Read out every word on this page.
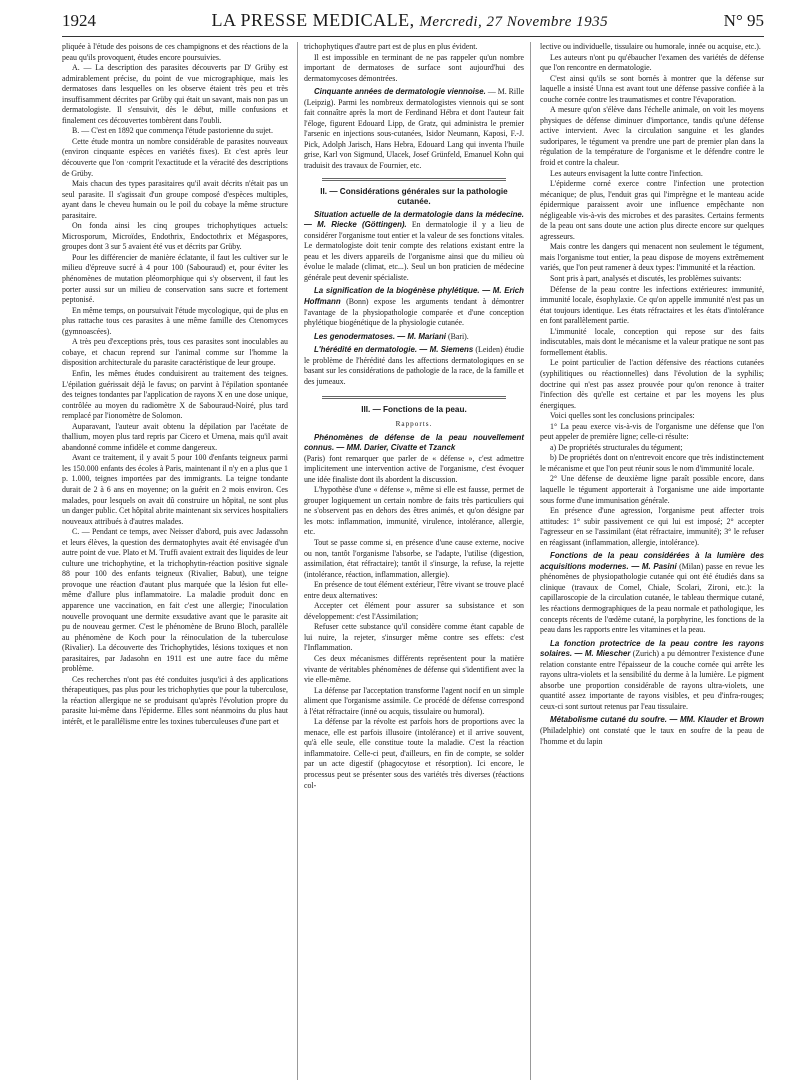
1924	LA PRESSE MEDICALE, Mercredi, 27 Novembre 1935	N° 95

pliquée à l'étude des poisons de ces champignons et des réactions de la peau qu'ils provoquent, études encore poursuivies.

A. — La description des parasites découverts par D' Grüby est admirablement précise, du point de vue micrographique, mais les dermatoses dans lesquelles on les observe étaient très peu et très insuffisamment décrites par Grüby qui était un savant, mais non pas un dermatologiste. Il s'ensuivit, dès le début, mille confusions et finalement ces découvertes tombèrent dans l'oubli.

B. — C'est en 1892 que commença l'étude pastorienne du sujet.

Cette étude montra un nombre considérable de parasites nouveaux (environ cinquante espèces en variétés fixes). Et c'est après leur découverte que l'on ·comprit l'exactitude et la véracité des descriptions de Grüby.

Mais chacun des types parasitaires qu'il avait décrits n'était pas un seul parasite. Il s'agissait d'un groupe composé d'espèces multiples, ayant dans le cheveu humain ou le poil du cobaye la même structure parasitaire.

On fonda ainsi les cinq groupes trichophytiques actuels: Microsporum, Microïdes, Endothrix, Endoctothrix et Mégaspores, groupes dont 3 sur 5 avaient été vus et décrits par Grüby.

Pour les différencier de manière éclatante, il faut les cultiver sur le milieu d'épreuve sucré à 4 pour 100 (Sabouraud) et, pour éviter les phénomènes de mutation pléomorphique qui s'y observent, il faut les porter aussi sur un milieu de conservation sans sucre et fortement peptonisé.

En même temps, on poursuivait l'étude mycologique, qui de plus en plus rattache tous ces parasites à une même famille des Ctenomyces (gymnoascées).

A très peu d'exceptions près, tous ces parasites sont inoculables au cobaye, et chacun reprend sur l'animal comme sur l'homme la disposition architecturale du parasite caractéristique de leur groupe.

Enfin, les mêmes études conduisirent au traitement des teignes. L'épilation guérissait déjà le favus; on parvint à l'épilation spontanée des teignes tondantes par l'application de rayons X en une dose unique, contrôlée au moyen du radiomètre X de Sabouraud-Noiré, plus tard remplacé par l'ionomètre de Solomon.

Auparavant, l'auteur avait obtenu la dépilation par l'acétate de thallium, moyen plus tard repris par Cicero et Urnena, mais qu'il avait abandonné comme infidèle et comme dangereux.

Avant ce traitement, il y avait 5 pour 100 d'enfants teigneux parmi les 150.000 enfants des écoles à Paris, maintenant il n'y en a plus que 1 p. 1.000, teignes importées par des immigrants. La teigne tondante durait de 2 à 6 ans en moyenne; on la guérit en 2 mois environ. Ces malades, pour lesquels on avait dû construire un hôpital, ne sont plus un danger public. Cet hôpital abrite maintenant six services hospitaliers nouveaux attribués à d'autres malades.

C. — Pendant ce temps, avec Neisser d'abord, puis avec Jadassohn et leurs élèves, la question des dermatophytes avait été envisagée d'un autre point de vue. Plato et M. Truffi avaient extrait des liquides de leur culture une trichophytine, et la trichophytin-réaction positive signale 88 pour 100 des enfants teigneux (Rivalier, Babut), une teigne provoque une réaction d'autant plus marquée que la lésion fut elle-même d'allure plus inflammatoire. La maladie produit donc en apparence une vaccination, en fait c'est une allergie; l'inoculation nouvelle provoquant une dermite exsudative avant que le parasite ait pu de nouveau germer. C'est le phénomène de Bruno Bloch, parallèle au phénomène de Koch pour la réinoculation de la tuberculose (Rivalier). La découverte des Trichophytides, lésions toxiques et non parasitaires, par Jadasohn en 1911 est une autre face du même problème.

Ces recherches n'ont pas été conduites jusqu'ici à des applications thérapeutiques, pas plus pour les trichophyties que pour la tuberculose, la réaction allergique ne se produisant qu'après l'évolution propre du parasite lui-même dans l'épiderme. Elles sont néanmoins du plus haut intérêt, et le parallélisme entre les toxines tuberculeuses d'une part et

trichophytiques d'autre part est de plus en plus évident.

Il est impossible en terminant de ne pas rappeler qu'un nombre important de dermatoses de surface sont aujourd'hui des dermatomycoses démontrées.

Cinquante années de dermatologie viennoise. — M. Rille (Leipzig). Parmi les nombreux dermatologistes viennois qui se sont fait connaître après la mort de Ferdinand Hébra et dont l'auteur fait l'éloge, figurent Edouard Lipp, de Gratz, qui administra le premier l'arsenic en injections sous-cutanées, Isidor Neumann, Kaposi, F.-J. Pick, Adolph Jarisch, Hans Hebra, Edouard Lang qui inventa l'huile grise, Karl von Sigmund, Ulacek, Josef Grünfeld, Emanuel Kohn qui traduisit des travaux de Fournier, etc.

II. — Considérations générales sur la pathologie cutanée.

Situation actuelle de la dermatologie dans la médecine. — M. Riecke (Göttingen). En dermatologie il y a lieu de considérer l'organisme tout entier et la valeur de ses fonctions vitales. Le dermatologiste doit tenir compte des relations existant entre la peau et les divers appareils de l'organisme ainsi que du milieu où évolue le malade (climat, etc...). Seul un bon praticien de médecine générale peut devenir spécialiste.

La signification de la biogénèse phylétique. — M. Erich Hoffmann (Bonn) expose les arguments tendant à démontrer l'avantage de la physiopathologie comparée et d'une conception phylétique biogénétique de la physiologie cutanée.

Les genodermatoses. — M. Mariani (Bari).

L'hérédité en dermatologie. — M. Siemens (Leiden) étudie le problème de l'hérédité dans les affections dermatologiques en se basant sur les considérations de pathologie de la race, de la famille et des jumeaux.

III. — Fonctions de la peau.

Rapports.

Phénomènes de défense de la peau nouvellement connus. — MM. Darier, Civatte et Tzanck

(Paris) font remarquer que parler de « défense », c'est admettre implicitement une intervention active de l'organisme, c'est évoquer une idée finaliste dont ils abordent la discussion.

L'hypothèse d'une « défense », même si elle est fausse, permet de grouper logiquement un certain nombre de faits très particuliers qui ne s'observent pas en dehors des êtres animés, et qu'on désigne par les mots: inflammation, immunité, virulence, intolérance, allergie, etc.

Tout se passe comme si, en présence d'une cause externe, nocive ou non, tantôt l'organisme l'absorbe, se l'adapte, l'utilise (digestion, assimilation, état réfractaire); tantôt il s'insurge, la refuse, la rejette (intolérance, réaction, inflammation, allergie).

En présence de tout élément extérieur, l'être vivant se trouve placé entre deux alternatives:

Accepter cet élément pour assurer sa subsistance et son développement: c'est l'Assimilation;

Refuser cette substance qu'il considère comme étant capable de lui nuire, la rejeter, s'insurger même contre ses effets: c'est l'Inflammation.

Ces deux mécanismes différents représentent pour la matière vivante de véritables phénomènes de défense qui s'identifient avec la vie elle-même.

La défense par l'acceptation transforme l'agent nocif en un simple aliment que l'organisme assimile. Ce procédé de défense correspond à l'état réfractaire (inné ou acquis, tissulaire ou humoral).

La défense par la révolte est parfois hors de proportions avec la menace, elle est parfois illusoire (intolérance) et il arrive souvent, qu'à elle seule, elle constitue toute la maladie. C'est la réaction inflammatoire. Celle-ci peut, d'ailleurs, en fin de compte, se solder par un acte digestif (phagocytose et résorption). Ici encore, le processus peut se présenter sous des variétés très diverses (réactions col-

lective ou individuelle, tissulaire ou humorale, innée ou acquise, etc.).

Les auteurs n'ont pu qu'ébaucher l'examen des variétés de défense que l'on rencontre en dermatologie.

C'est ainsi qu'ils se sont bornés à montrer que la défense sur laquelle a insisté Unna est avant tout une défense passive confiée à la couche cornée contre les traumatismes et contre l'évaporation.

A mesure qu'on s'élève dans l'échelle animale, on voit les moyens physiques de défense diminuer d'importance, tandis qu'une défense active intervient. Avec la circulation sanguine et les glandes sudoripares, le tégument va prendre une part de premier plan dans la régulation de la température de l'organisme et le défendre contre le froid et contre la chaleur.

Les auteurs envisagent la lutte contre l'infection.

L'épiderme corné exerce contre l'infection une protection mécanique; de plus, l'enduit gras qui l'imprègne et le manteau acide épidermique paraissent avoir une influence empêchante non négligeable vis-à-vis des microbes et des parasites. Certains ferments de la peau ont sans doute une action plus directe encore sur quelques agresseurs.

Mais contre les dangers qui menacent non seulement le tégument, mais l'organisme tout entier, la peau dispose de moyens extrêmement variés, que l'on peut ramener à deux types: l'immunité et la réaction.

Sont pris à part, analysés et discutés, les problèmes suivants:

Défense de la peau contre les infections extérieures: immunité, immunité locale, ésophylaxie. Ce qu'on appelle immunité n'est pas un état toujours identique. Les états réfractaires et les états d'intolérance en font parallèlement partie.

L'immunité locale, conception qui repose sur des faits indiscutables, mais dont le mécanisme et la valeur pratique ne sont pas formellement établis.

Le point particulier de l'action défensive des réactions cutanées (syphilitiques ou réactionnelles) dans l'évolution de la syphilis; doctrine qui n'est pas assez prouvée pour qu'on renonce à traiter l'infection dès qu'elle est certaine et par les moyens les plus énergiques.

Voici quelles sont les conclusions principales:

1° La peau exerce vis-à-vis de l'organisme une défense que l'on peut appeler de première ligne; celle-ci résulte:

a) De propriétés structurales du tégument;

b) De propriétés dont on n'entrevoit encore que très indistinctement le mécanisme et que l'on peut réunir sous le nom d'immunité locale.

2° Une défense de deuxième ligne paraît possible encore, dans laquelle le tégument apporterait à l'organisme une aide importante sous forme d'une immunisation générale.

En présence d'une agression, l'organisme peut affecter trois attitudes: 1° subir passivement ce qui lui est imposé; 2° accepter l'agresseur en se l'assimilant (état réfractaire, immunité); 3° le refuser en réagissant (inflammation, allergie, intolérance).

Fonctions de la peau considérées à la lumière des acquisitions modernes. — M. Pasini (Milan) passe en revue les phénomènes de physiopathologie cutanée qui ont été étudiés dans sa clinique (travaux de Comel, Chiale, Scolari, Zironi, etc.): la capillaroscopie de la circulation cutanée, le tableau thermique cutané, les réactions dermographiques de la peau normale et pathologique, les concepts récents de l'œdème cutané, la porphyrine, les fonctions de la peau dans les rapports entre les vitamines et la peau.

La fonction protectrice de la peau contre les rayons solaires. — M. Miescher (Zurich) a pu démontrer l'existence d'une relation constante entre l'épaisseur de la couche cornée qui arrête les rayons ultra-violets et la sensibilité du derme à la lumière. Le pigment absorbe une proportion considérable de rayons ultra-violets, une quantité assez importante de rayons visibles, et peu d'infra-rouges; ceux-ci sont surtout retenus par l'eau tissulaire.

Métabolisme cutané du soufre. — MM. Klauder et Brown (Philadelphie) ont constaté que le taux en soufre de la peau de l'homme et du lapin
